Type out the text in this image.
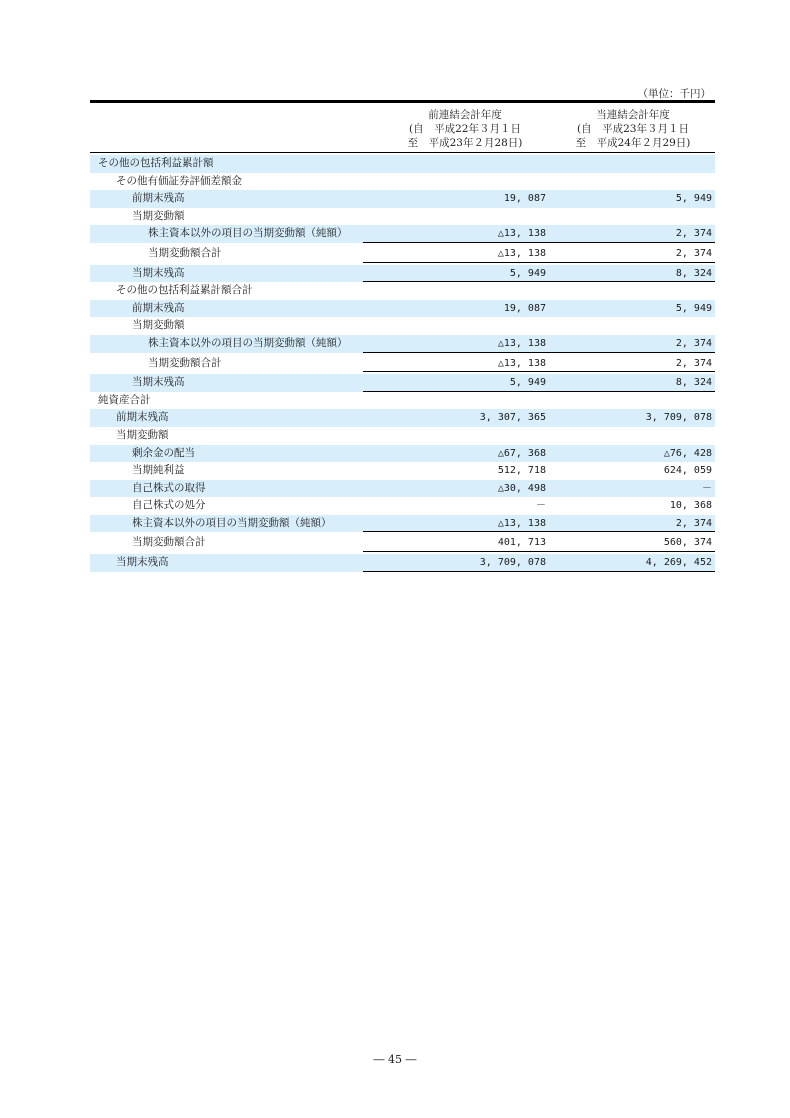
（単位：千円）
前連結会計年度
(自　平成22年３月１日
至　平成23年２月28日)
当連結会計年度
(自　平成23年３月１日
至　平成24年２月29日)
その他の包括利益累計額
その他有価証券評価差額金
前期末残高	19, 087	5, 949
当期変動額
株主資本以外の項目の当期変動額（純額）	△13, 138	2, 374
当期変動額合計	△13, 138	2, 374
当期末残高	5, 949	8, 324
その他の包括利益累計額合計
前期末残高	19, 087	5, 949
当期変動額
株主資本以外の項目の当期変動額（純額）	△13, 138	2, 374
当期変動額合計	△13, 138	2, 374
当期末残高	5, 949	8, 324
純資産合計
前期末残高	3, 307, 365	3, 709, 078
当期変動額
剰余金の配当	△67, 368	△76, 428
当期純利益	512, 718	624, 059
自己株式の取得	△30, 498	－
自己株式の処分	－	10, 368
株主資本以外の項目の当期変動額（純額）	△13, 138	2, 374
当期変動額合計	401, 713	560, 374
当期末残高	3, 709, 078	4, 269, 452
― 45 ―
